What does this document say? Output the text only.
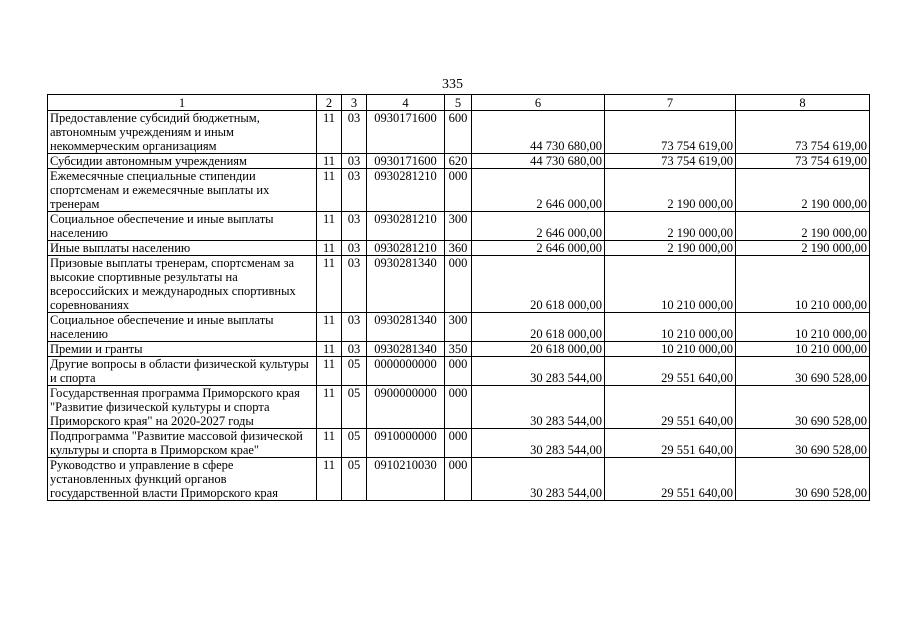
335
1	2	3	4	5	6	7	8
Предоставление субсидий бюджетным, автономным учреждениям и иным некоммерческим организациям	11	03	0930171600	600	44 730 680,00	73 754 619,00	73 754 619,00
Субсидии автономным учреждениям	11	03	0930171600	620	44 730 680,00	73 754 619,00	73 754 619,00
Ежемесячные специальные стипендии спортсменам и ежемесячные выплаты их тренерам	11	03	0930281210	000	2 646 000,00	2 190 000,00	2 190 000,00
Социальное обеспечение и иные выплаты населению	11	03	0930281210	300	2 646 000,00	2 190 000,00	2 190 000,00
Иные выплаты населению	11	03	0930281210	360	2 646 000,00	2 190 000,00	2 190 000,00
Призовые выплаты тренерам, спортсменам за высокие спортивные результаты на всероссийских и международных спортивных соревнованиях	11	03	0930281340	000	20 618 000,00	10 210 000,00	10 210 000,00
Социальное обеспечение и иные выплаты населению	11	03	0930281340	300	20 618 000,00	10 210 000,00	10 210 000,00
Премии и гранты	11	03	0930281340	350	20 618 000,00	10 210 000,00	10 210 000,00
Другие вопросы в области физической культуры и спорта	11	05	0000000000	000	30 283 544,00	29 551 640,00	30 690 528,00
Государственная программа Приморского края "Развитие физической культуры и спорта Приморского края" на 2020-2027 годы	11	05	0900000000	000	30 283 544,00	29 551 640,00	30 690 528,00
Подпрограмма "Развитие массовой физической культуры и спорта в Приморском крае"	11	05	0910000000	000	30 283 544,00	29 551 640,00	30 690 528,00
Руководство и управление в сфере установленных функций органов государственной власти Приморского края	11	05	0910210030	000	30 283 544,00	29 551 640,00	30 690 528,00
